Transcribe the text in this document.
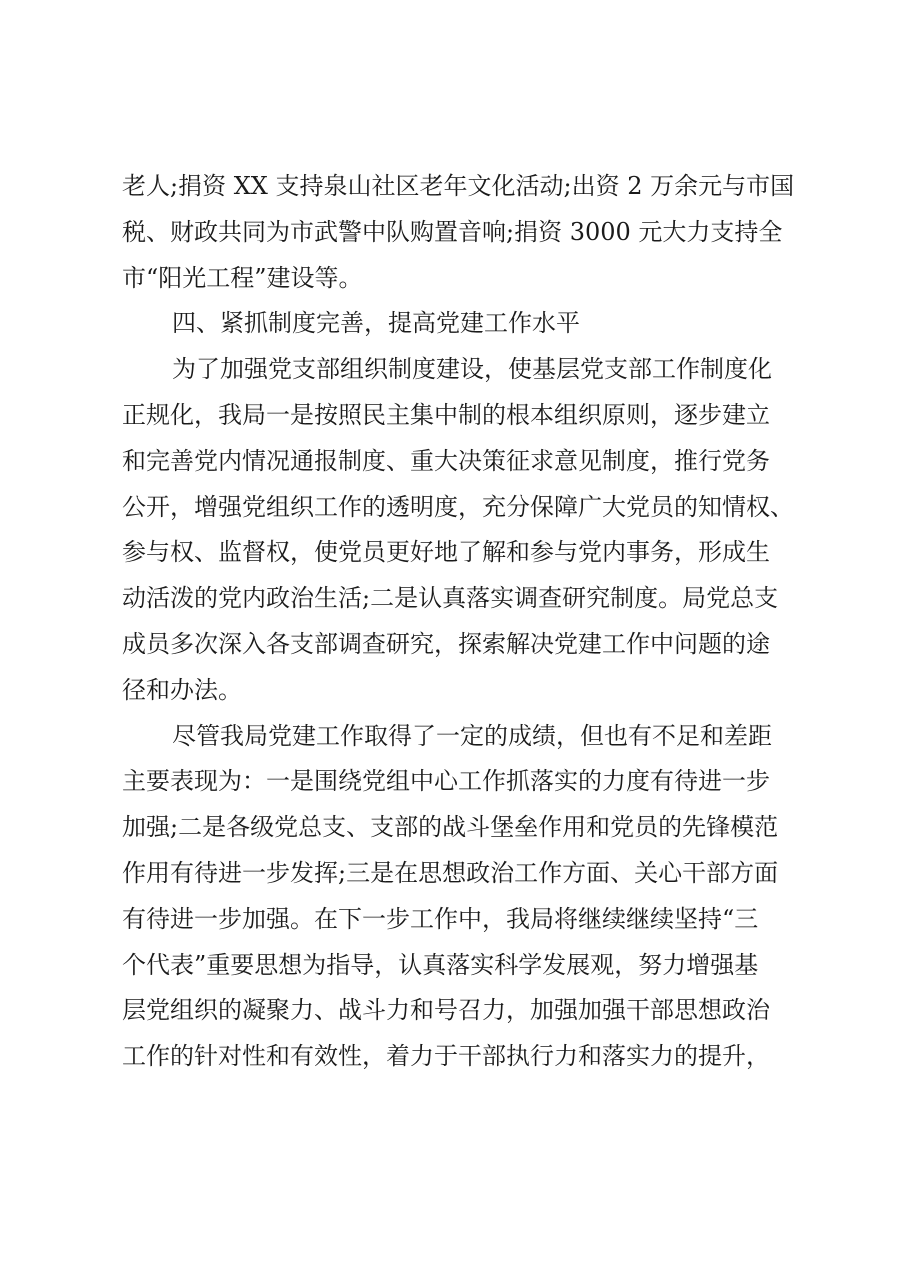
老人;捐资 XX 支持泉山社区老年文化活动;出资 2 万余元与市国
税、财政共同为市武警中队购置音响;捐资 3000 元大力支持全
市“阳光工程”建设等。
四、紧抓制度完善，提高党建工作水平
为了加强党支部组织制度建设，使基层党支部工作制度化
正规化，我局一是按照民主集中制的根本组织原则，逐步建立
和完善党内情况通报制度、重大决策征求意见制度，推行党务
公开，增强党组织工作的透明度，充分保障广大党员的知情权、
参与权、监督权，使党员更好地了解和参与党内事务，形成生
动活泼的党内政治生活;二是认真落实调查研究制度。局党总支
成员多次深入各支部调查研究，探索解决党建工作中问题的途
径和办法。
尽管我局党建工作取得了一定的成绩，但也有不足和差距
主要表现为：一是围绕党组中心工作抓落实的力度有待进一步
加强;二是各级党总支、支部的战斗堡垒作用和党员的先锋模范
作用有待进一步发挥;三是在思想政治工作方面、关心干部方面
有待进一步加强。在下一步工作中，我局将继续继续坚持“三
个代表”重要思想为指导，认真落实科学发展观，努力增强基
层党组织的凝聚力、战斗力和号召力，加强加强干部思想政治
工作的针对性和有效性，着力于干部执行力和落实力的提升，
